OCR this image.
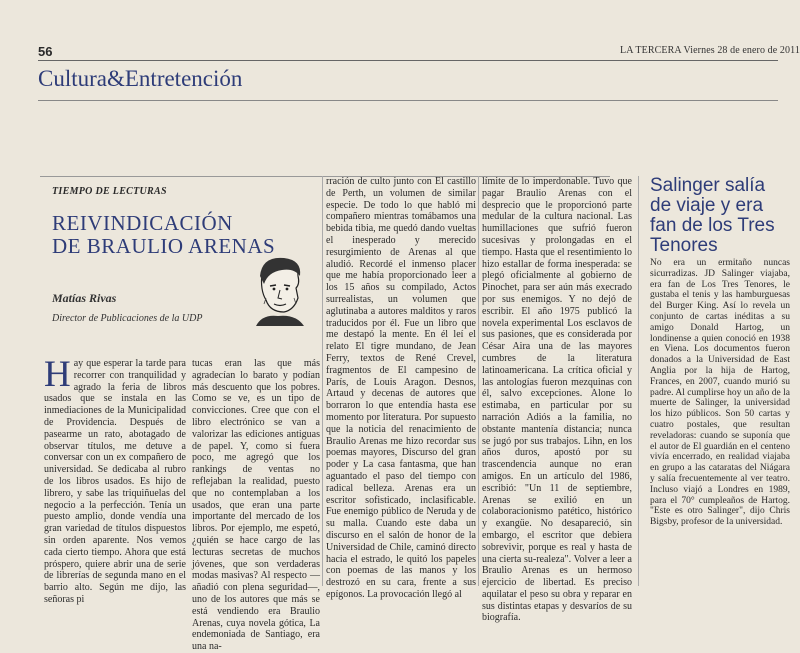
56	LA TERCERA Viernes 28 de enero de 2011
Cultura&Entretención
TIEMPO DE LECTURAS
REIVINDICACIÓN
DE BRAULIO ARENAS
Matías Rivas
Director de Publicaciones de la UDP
Hay que esperar la tarde para recorrer con tranquilidad y agrado la feria de libros usados que se instala en las inmediaciones de la Municipalidad de Providencia. Después de pasearme un rato, abotagado de observar títulos, me detuve a conversar con un ex compañero de universidad. Se dedicaba al rubro de los libros usados. Es hijo de librero, y sabe las triquiñuelas del negocio a la perfección. Tenía un puesto amplio, donde vendía una gran variedad de títulos dispuestos sin orden aparente. Nos vemos cada cierto tiempo. Ahora que está próspero, quiere abrir una de serie de librerías de segunda mano en el barrio alto. Según me dijo, las señoras pi
tucas eran las que más agradecían lo barato y podían más descuento que los pobres. Como se ve, es un tipo de convicciones. Cree que con el libro electrónico se van a valorizar las ediciones antiguas de papel. Y, como si fuera poco, me agregó que los rankings de ventas no reflejaban la realidad, puesto que no contemplaban a los usados, que eran una parte importante del mercado de los libros. Por ejemplo, me espetó, ¿quién se hace cargo de las lecturas secretas de muchos jóvenes, que son verdaderas modas masivas? Al respecto —añadió con plena seguridad—, uno de los autores que más se está vendiendo era Braulio Arenas, cuya novela gótica, La endemoniada de Santiago, era una na-
rración de culto junto con El castillo de Perth, un volumen de similar especie. De todo lo que habló mi compañero mientras tomábamos una bebida tibia, me quedó dando vueltas el inesperado y merecido resurgimiento de Arenas al que aludió. Recordé el inmenso placer que me había proporcionado leer a los 15 años su compilado, Actos surrealistas, un volumen que aglutinaba a autores malditos y raros traducidos por él. Fue un libro que me destapó la mente. En él leí el relato El tigre mundano, de Jean Ferry, textos de René Crevel, fragmentos de El campesino de París, de Louis Aragon. Desnos, Artaud y decenas de autores que borraron lo que entendía hasta ese momento por literatura. Por supuesto que la noticia del renacimiento de Braulio Arenas me hizo recordar sus poemas mayores, Discurso del gran poder y La casa fantasma, que han aguantado el paso del tiempo con radical belleza. Arenas era un escritor sofisticado, inclasificable. Fue enemigo público de Neruda y de su malla. Cuando este daba un discurso en el salón de honor de la Universidad de Chile, caminó directo hacia el estrado, le quitó los papeles con poemas de las manos y los destrozó en su cara, frente a sus epígonos. La provocación llegó al
límite de lo imperdonable. Tuvo que pagar Braulio Arenas con el desprecio que le proporcionó parte medular de la cultura nacional. Las humillaciones que sufrió fueron sucesivas y prolongadas en el tiempo. Hasta que el resentimiento lo hizo estallar de forma inesperada: se plegó oficialmente al gobierno de Pinochet, para ser aún más execrado por sus enemigos. Y no dejó de escribir. El año 1975 publicó la novela experimental Los esclavos de sus pasiones, que es considerada por César Aira una de las mayores cumbres de la literatura latinoamericana. La crítica oficial y las antologías fueron mezquinas con él, salvo excepciones. Alone lo estimaba, en particular por su narración Adiós a la familia, no obstante mantenía distancia; nunca se jugó por sus trabajos. Lihn, en los años duros, apostó por su trascendencia aunque no eran amigos. En un artículo del 1986, escribió: "Un 11 de septiembre, Arenas se exilió en un colaboracionismo patético, histórico y exangüe. No desapareció, sin embargo, el escritor que debiera sobrevivir, porque es real y hasta de una cierta su-realeza". Volver a leer a Braulio Arenas es un hermoso ejercicio de libertad. Es preciso aquilatar el peso su obra y reparar en sus distintas etapas y desvaríos de su biografía.
Salinger salía de viaje y era fan de los Tres Tenores
No era un ermitaño nuncas sicurradizas. JD Salinger viajaba, era fan de Los Tres Tenores, le gustaba el tenis y las hamburguesas del Burger King. Así lo revela un conjunto de cartas inéditas a su amigo Donald Hartog, un londinense a quien conoció en 1938 en Viena. Los documentos fueron donados a la Universidad de East Anglia por la hija de Hartog, Frances, en 2007, cuando murió su padre. Al cumplirse hoy un año de la muerte de Salinger, la universidad los hizo públicos. Son 50 cartas y cuatro postales, que resultan reveladoras: cuando se suponía que el autor de El guardián en el centeno vivía encerrado, en realidad viajaba en grupo a las cataratas del Niágara y salía frecuentemente al ver teatro. Incluso viajó a Londres en 1989, para el 70° cumpleaños de Hartog. "Este es otro Salinger", dijo Chris Bigsby, profesor de la universidad.
